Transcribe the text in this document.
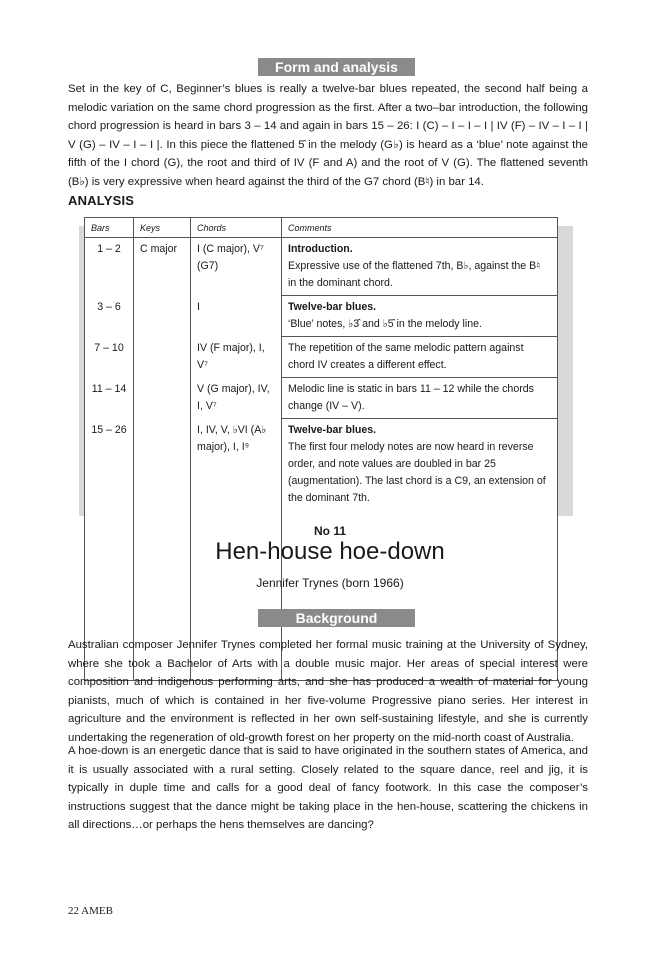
Form and analysis

Set in the key of C, Beginner’s blues is really a twelve-bar blues repeated, the second half being a melodic variation on the same chord progression as the first. After a two–bar introduction, the following chord progression is heard in bars 3 – 14 and again in bars 15 – 26: I (C) – I – I – I | IV (F) – IV – I – I | V (G) – IV – I – I |. In this piece the flattened 5̂ in the melody (G♭) is heard as a ‘blue’ note against the fifth of the I chord (G), the root and third of IV (F and A) and the root of V (G). The flattened seventh (B♭) is very expressive when heard against the third of the G7 chord (B♮) in bar 14.

ANALYSIS
Bars	Keys	Chords	Comments
1 – 2	C major	I (C major), V⁷ (G7)	Introduction.
Expressive use of the flattened 7th, B♭, against the B♮ in the dominant chord.
3 – 6		I	Twelve-bar blues.
‘Blue’ notes, ♭3̂ and ♭5̂ in the melody line.
7 – 10		IV (F major), I, V⁷	The repetition of the same melodic pattern against chord IV creates a different effect.
11 – 14		V (G major), IV, I, V⁷	Melodic line is static in bars 11 – 12 while the chords change (IV – V).
15 – 26		I, IV, V, ♭VI (A♭ major), I, I⁹	Twelve-bar blues.
The first four melody notes are now heard in reverse order, and note values are doubled in bar 25 (augmentation). The last chord is a C9, an extension of the dominant 7th.
No 11
Hen-house hoe-down
Jennifer Trynes (born 1966)
Background

Australian composer Jennifer Trynes completed her formal music training at the University of Sydney, where she took a Bachelor of Arts with a double music major. Her areas of special interest were composition and indigenous performing arts, and she has produced a wealth of material for young pianists, much of which is contained in her five-volume Progressive piano series. Her interest in agriculture and the environment is reflected in her own self-sustaining lifestyle, and she is currently undertaking the regeneration of old-growth forest on her property on the mid-north coast of Australia.

A hoe-down is an energetic dance that is said to have originated in the southern states of America, and it is usually associated with a rural setting. Closely related to the square dance, reel and jig, it is typically in duple time and calls for a good deal of fancy footwork. In this case the composer’s instructions suggest that the dance might be taking place in the hen-house, scattering the chickens in all directions…or perhaps the hens themselves are dancing?

22 AMEB
